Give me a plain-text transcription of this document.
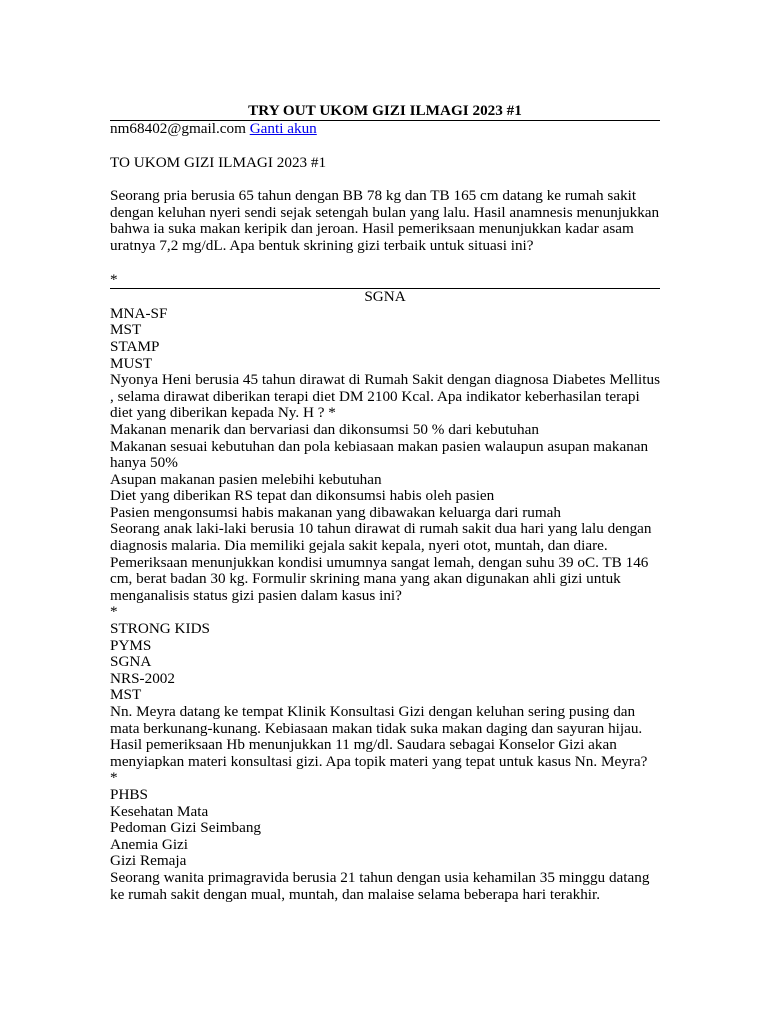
TRY OUT UKOM GIZI ILMAGI 2023 #1
nm68402@gmail.com Ganti akun
TO UKOM GIZI ILMAGI 2023 #1
Seorang pria berusia 65 tahun dengan BB 78 kg dan TB 165 cm datang ke rumah sakit dengan keluhan nyeri sendi sejak setengah bulan yang lalu. Hasil anamnesis menunjukkan bahwa ia suka makan keripik dan jeroan. Hasil pemeriksaan menunjukkan kadar asam uratnya 7,2 mg/dL. Apa bentuk skrining gizi terbaik untuk situasi ini?
*
SGNA
MNA-SF
MST
STAMP
MUST
Nyonya Heni berusia 45 tahun dirawat di Rumah Sakit dengan diagnosa Diabetes Mellitus , selama dirawat diberikan terapi diet DM 2100 Kcal. Apa indikator keberhasilan terapi diet yang diberikan kepada Ny. H ? *
Makanan menarik dan bervariasi dan dikonsumsi 50 % dari kebutuhan
Makanan sesuai kebutuhan dan pola kebiasaan makan pasien walaupun asupan makanan hanya 50%
Asupan makanan pasien melebihi kebutuhan
Diet yang diberikan RS tepat dan dikonsumsi habis oleh pasien
Pasien mengonsumsi habis makanan yang dibawakan keluarga dari rumah
Seorang anak laki-laki berusia 10 tahun dirawat di rumah sakit dua hari yang lalu dengan diagnosis malaria. Dia memiliki gejala sakit kepala, nyeri otot, muntah, dan diare. Pemeriksaan menunjukkan kondisi umumnya sangat lemah, dengan suhu 39 oC. TB 146 cm, berat badan 30 kg. Formulir skrining mana yang akan digunakan ahli gizi untuk menganalisis status gizi pasien dalam kasus ini?
*
STRONG KIDS
PYMS
SGNA
NRS-2002
MST
Nn. Meyra datang ke tempat Klinik Konsultasi Gizi dengan keluhan sering pusing dan mata berkunang-kunang. Kebiasaan makan tidak suka makan daging dan sayuran hijau. Hasil pemeriksaan Hb menunjukkan 11 mg/dl. Saudara sebagai Konselor Gizi akan menyiapkan materi konsultasi gizi. Apa topik materi yang tepat untuk kasus Nn. Meyra?
*
PHBS
Kesehatan Mata
Pedoman Gizi Seimbang
Anemia Gizi
Gizi Remaja
Seorang wanita primagravida berusia 21 tahun dengan usia kehamilan 35 minggu datang ke rumah sakit dengan mual, muntah, dan malaise selama beberapa hari terakhir.
